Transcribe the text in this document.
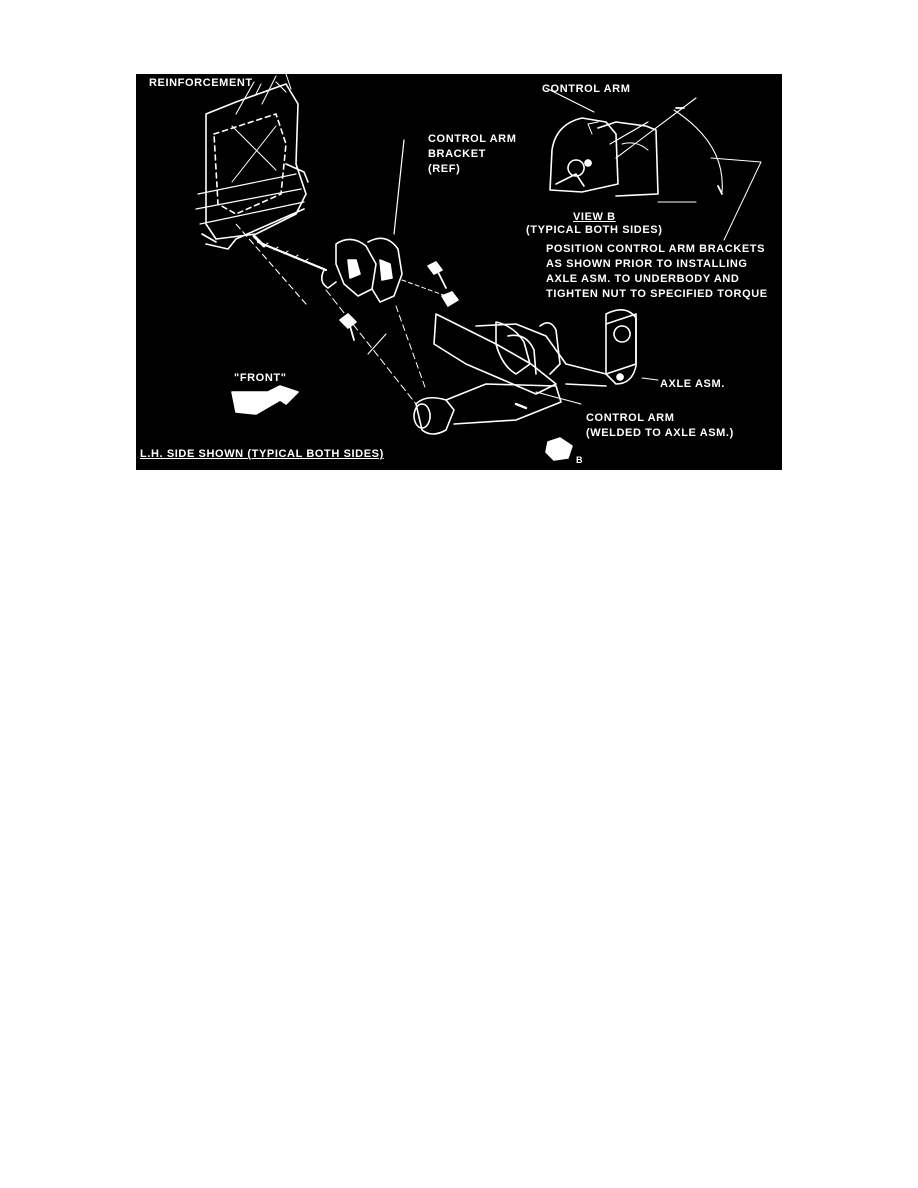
REINFORCEMENT	CONTROL ARM
CONTROL ARM
BRACKET
(REF)
VIEW B
(TYPICAL BOTH SIDES)
POSITION CONTROL ARM BRACKETS
AS SHOWN PRIOR TO INSTALLING
AXLE ASM. TO UNDERBODY AND
TIGHTEN NUT TO SPECIFIED TORQUE
"FRONT"	AXLE ASM.
CONTROL ARM
(WELDED TO AXLE ASM.)
L.H. SIDE SHOWN (TYPICAL BOTH SIDES)	B
